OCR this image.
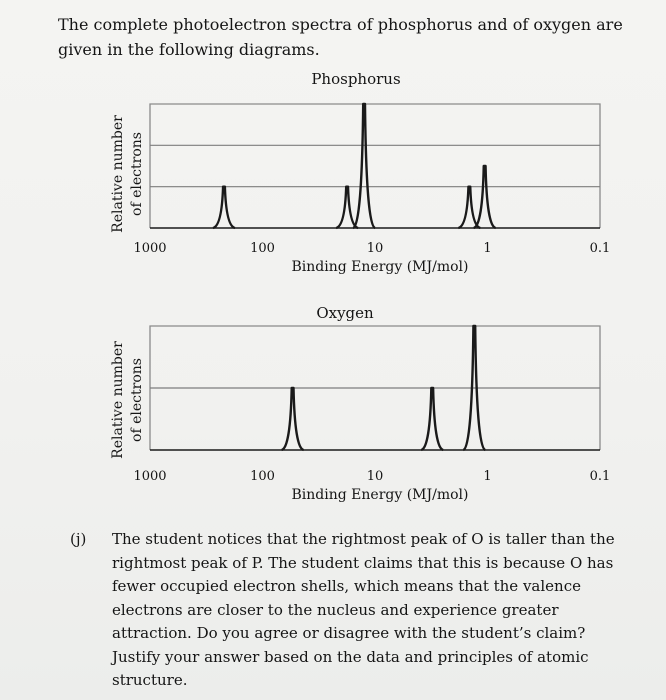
The complete photoelectron spectra of phosphorus and of oxygen are given in the following diagrams.
Phosphorus
Relative number of electrons
1000	100	10	1	0.1
Binding Energy (MJ/mol)
Oxygen
Relative number of electrons
1000	100	10	1	0.1
Binding Energy (MJ/mol)
(j) The student notices that the rightmost peak of O is taller than the rightmost peak of P. The student claims that this is because O has fewer occupied electron shells, which means that the valence electrons are closer to the nucleus and experience greater attraction. Do you agree or disagree with the student’s claim? Justify your answer based on the data and principles of atomic structure.
